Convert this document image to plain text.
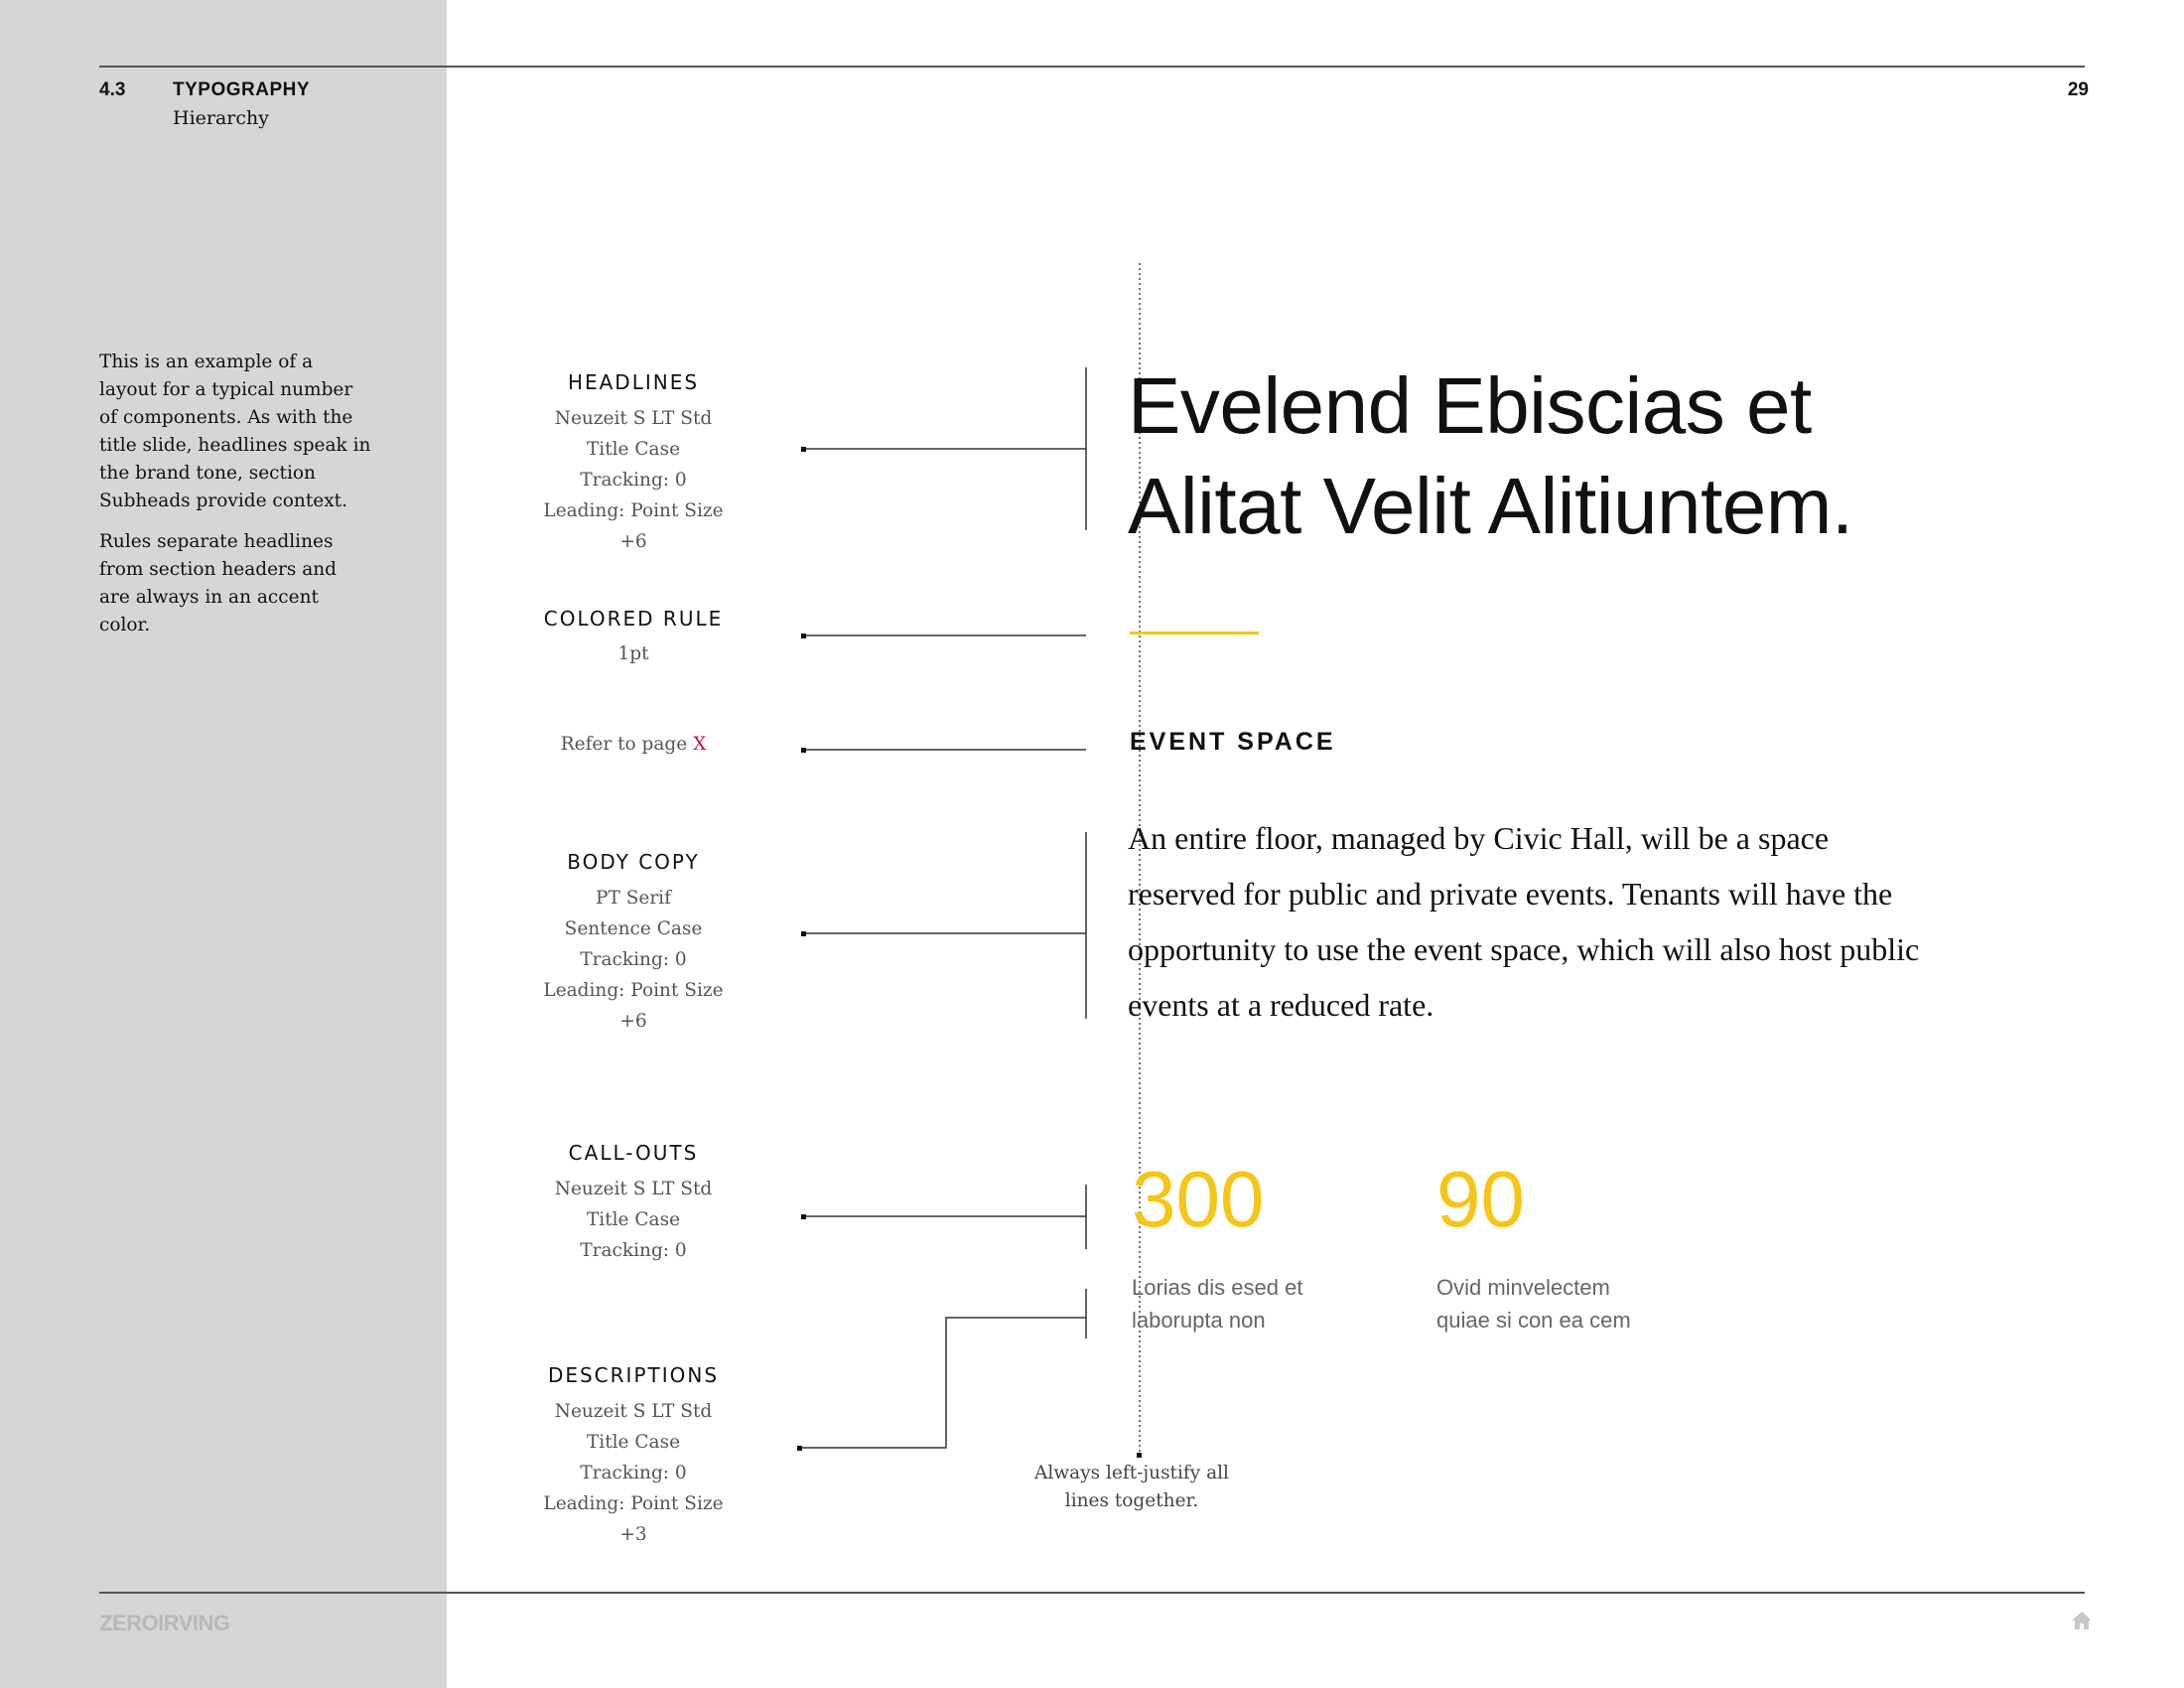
4.3	TYPOGRAPHY
Hierarchy
29

This is an example of a layout for a typical number of components. As with the title slide, headlines speak in the brand tone, section Subheads provide context.

Rules separate headlines from section headers and are always in an accent color.

HEADLINES
Neuzeit S LT Std
Title Case
Tracking: 0
Leading: Point Size +6
COLORED RULE
1pt
Refer to page X
BODY COPY
PT Serif
Sentence Case
Tracking: 0
Leading: Point Size +6
CALL-OUTS
Neuzeit S LT Std
Title Case
Tracking: 0
DESCRIPTIONS
Neuzeit S LT Std
Title Case
Tracking: 0
Leading: Point Size +3
Evelend Ebiscias et
Alitat Velit Alitiuntem.
EVENT SPACE

An entire floor, managed by Civic Hall, will be a space reserved for public and private events. Tenants will have the opportunity to use the event space, which will also host public events at a reduced rate.

300 90
Lorias dis esed et
laborupta non
Ovid minvelectem
quiae si con ea cem
Always left-justify all
lines together.
ZEROIRVING
